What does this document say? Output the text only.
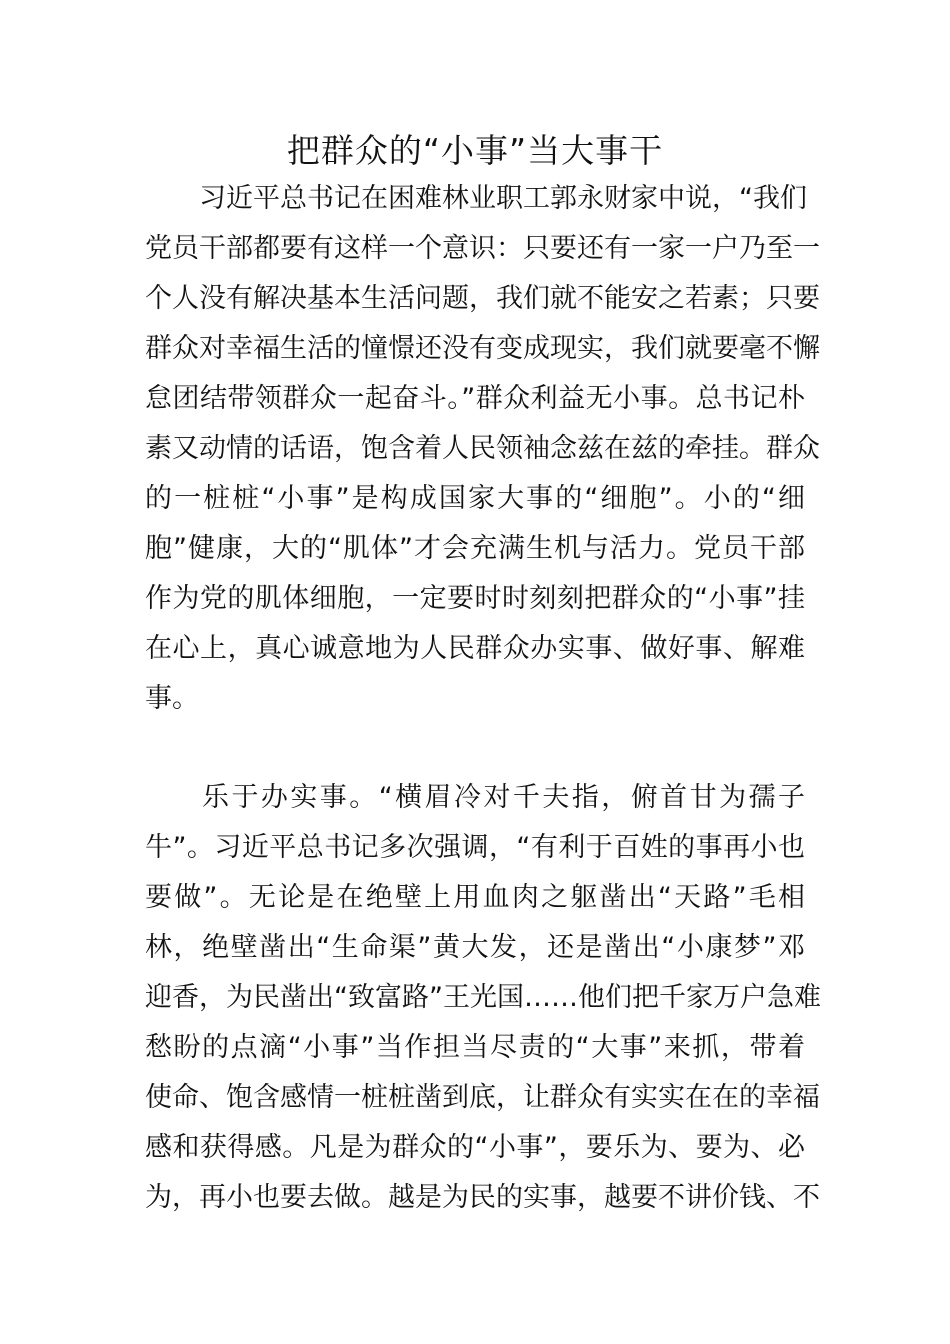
把群众的“小事”当大事干
习近平总书记在困难林业职工郭永财家中说，“我们
党员干部都要有这样一个意识：只要还有一家一户乃至一
个人没有解决基本生活问题，我们就不能安之若素；只要
群众对幸福生活的憧憬还没有变成现实，我们就要毫不懈
怠团结带领群众一起奋斗。”群众利益无小事。总书记朴
素又动情的话语，饱含着人民领袖念兹在兹的牵挂。群众
的一桩桩“小事”是构成国家大事的“细胞”。小的“细
胞”健康，大的“肌体”才会充满生机与活力。党员干部
作为党的肌体细胞，一定要时时刻刻把群众的“小事”挂
在心上，真心诚意地为人民群众办实事、做好事、解难
事。
乐于办实事。“横眉冷对千夫指，俯首甘为孺子
牛”。习近平总书记多次强调，“有利于百姓的事再小也
要做”。无论是在绝壁上用血肉之躯凿出“天路”毛相
林，绝壁凿出“生命渠”黄大发，还是凿出“小康梦”邓
迎香，为民凿出“致富路”王光国……他们把千家万户急难
愁盼的点滴“小事”当作担当尽责的“大事”来抓，带着
使命、饱含感情一桩桩凿到底，让群众有实实在在的幸福
感和获得感。凡是为群众的“小事”，要乐为、要为、必
为，再小也要去做。越是为民的实事，越要不讲价钱、不
